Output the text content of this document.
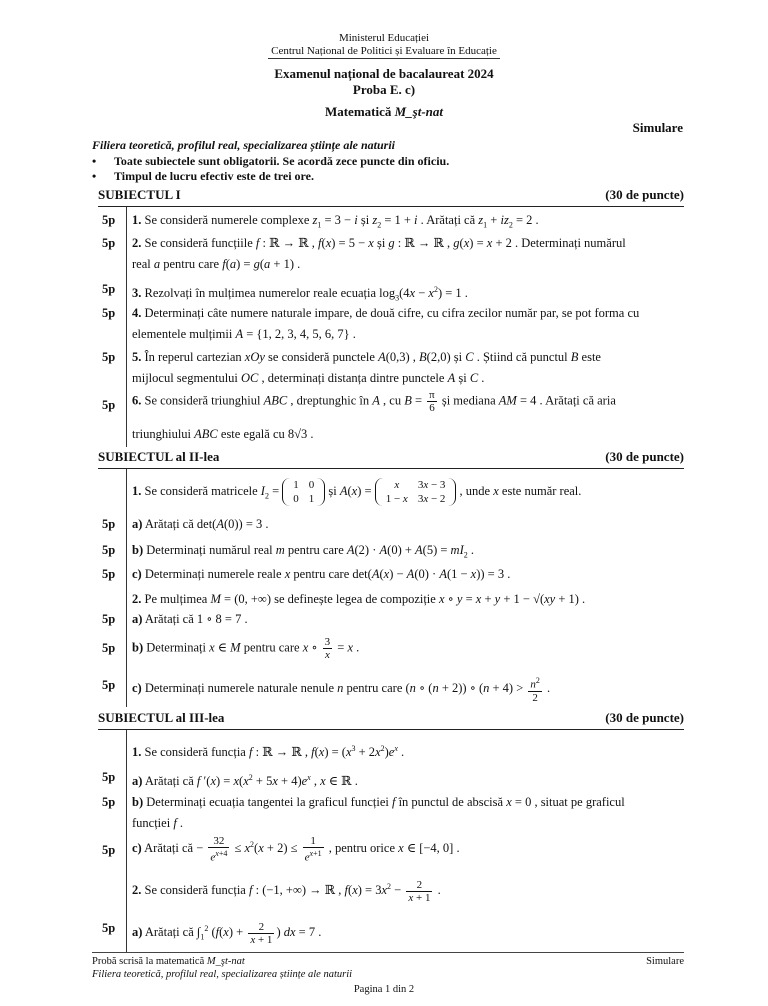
Ministerul Educației
Centrul Național de Politici și Evaluare în Educație
Examenul național de bacalaureat 2024
Proba E. c)
Matematică M_şt-nat
Simulare
Filiera teoretică, profilul real, specializarea științe ale naturii
• Toate subiectele sunt obligatorii. Se acordă zece puncte din oficiu.
• Timpul de lucru efectiv este de trei ore.
SUBIECTUL I	(30 de puncte)
5p 1. Se consideră numerele complexe $z_1 = 3 - i$ și $z_2 = 1 + i$ . Arătați că $z_1 + iz_2 = 2$ .
5p 2. Se consideră funcțiile f : ℝ → ℝ , f(x) = 5 − x și g : ℝ → ℝ , g(x) = x + 2 . Determinați numărul
real a pentru care f(a) = g(a + 1) .
5p 3. Rezolvați în mulțimea numerelor reale ecuația $\log_3(4x - x^2) = 1$ .
5p 4. Determinați câte numere naturale impare, de două cifre, cu cifra zecilor număr par, se pot forma cu
elementele mulțimii A = {1, 2, 3, 4, 5, 6, 7} .
5p 5. În reperul cartezian xOy se consideră punctele A(0,3) , B(2,0) și C . Știind că punctul B este
mijlocul segmentului OC , determinați distanța dintre punctele A și C .
5p 6. Se consideră triunghiul ABC , dreptunghic în A , cu $B = \frac{\pi}{6}$ și mediana AM = 4 . Arătați că aria
triunghiului ABC este egală cu 8√3 .
SUBIECTUL al II-lea	(30 de puncte)
1. Se consideră matricele $I_2 = 1$	0
0	1
și A(x) = x	3x − 3
1 − x	3x − 2
, unde x este număr real.
5p a) Arătați că det(A(0)) = 3 .
5p b) Determinați numărul real m pentru care $A(2) \cdot A(0) + A(5) = mI_2$ .
5p c) Determinați numerele reale x pentru care det(A(x) − A(0) · A(1 − x)) = 3 .
2. Pe mulțimea M = (0, +∞) se definește legea de compoziție x ∘ y = x + y + 1 − √(xy + 1) .
5p a) Arătați că 1 ∘ 8 = 7 .
5p b) Determinați x ∈ M pentru care x ∘ $\frac{3}{x} = x$ .
5p c) Determinați numerele naturale nenule n pentru care (n ∘ (n + 2)) ∘ $(n + 4) > \frac{n^2}{2}$ .
SUBIECTUL al III-lea	(30 de puncte)
1. Se consideră funcția f : ℝ → ℝ , $f(x) = (x^3 + 2x^2)e^x$ .
5p a) Arătați că f $'(x) = x(x^2 + 5x + 4)e^x$ , x ∈ ℝ .
5p b) Determinați ecuația tangentei la graficul funcției f în punctul de abscisă x = 0 , situat pe graficul
funcției f .
5p c) Arătați că − $\frac{32}{e^{x+4}} \le x^2(x + 2) \le \frac{1}{e^{x+1}}$ , pentru orice x ∈ [−4, 0] .
2. Se consideră funcția f : (−1, +∞) → ℝ , $f(x) = 3x^2 - \frac{2}{x + 1}$ .
5p a) Arătați că $\int_1^2$ ($f(x) + \frac{2}{x + 1}$ ) dx = 7 .
Probă scrisă la matematică M_şt-nat
Filiera teoretică, profilul real, specializarea științe ale naturii
Simulare
Pagina 1 din 2
